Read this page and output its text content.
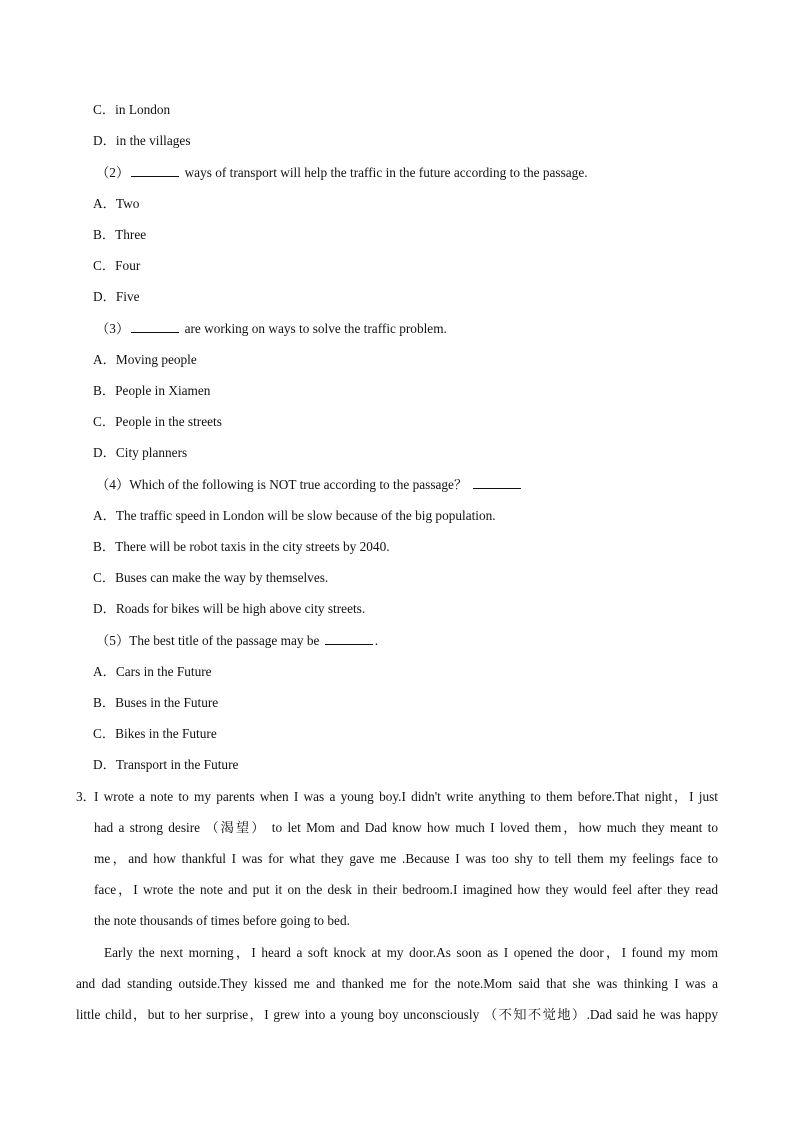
C．in London
D．in the villages
（2）	ways of transport will help the traffic in the future according to the passage.
A．Two
B．Three
C．Four
D．Five
（3）	are working on ways to solve the traffic problem.
A．Moving people
B．People in Xiamen
C．People in the streets
D．City planners
（4）Which of the following is NOT true according to the passage？
A．The traffic speed in London will be slow because of the big population.
B．There will be robot taxis in the city streets by 2040.
C．Buses can make the way by themselves.
D．Roads for bikes will be high above city streets.
（5）The best title of the passage may be	.
A．Cars in the Future
B．Buses in the Future
C．Bikes in the Future
D．Transport in the Future
3．
I wrote a note to my parents when I was a young boy.I didn't write anything to them before.That night，I just
had a strong desire （渴望） to let Mom and Dad know how much I loved them，how much they meant to
me，and how thankful I was for what they gave me .Because I was too shy to tell them my feelings face to
face，I wrote the note and put it on the desk in their bedroom.I imagined how they would feel after they read
the note thousands of times before going to bed.
Early the next morning，I heard a soft knock at my door.As soon as I opened the door，I found my mom
and dad standing outside.They kissed me and thanked me for the note.Mom said that she was thinking I was a
little child，but to her surprise，I grew into a young boy unconsciously （不知不觉地）.Dad said he was happy
